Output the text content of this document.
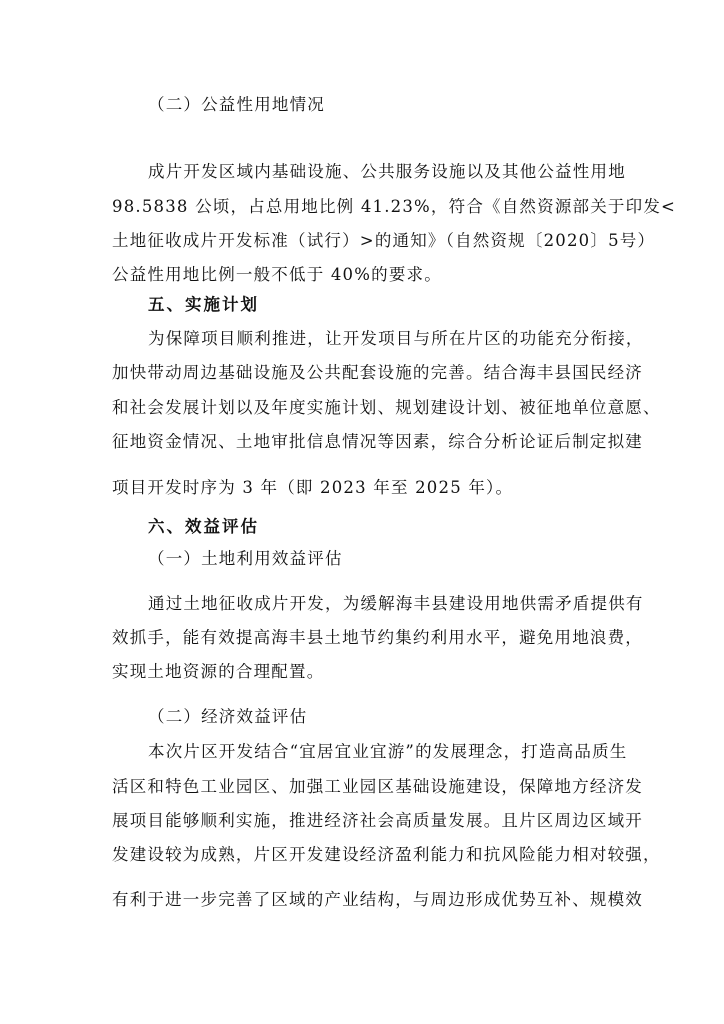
（二）公益性用地情况
成片开发区域内基础设施、公共服务设施以及其他公益性用地
98.5838 公顷，占总用地比例 41.23%，符合《自然资源部关于印发<
土地征收成片开发标准（试行）>的通知》（自然资规〔2020〕5号）
公益性用地比例一般不低于 40%的要求。
五、实施计划
为保障项目顺利推进，让开发项目与所在片区的功能充分衔接，
加快带动周边基础设施及公共配套设施的完善。结合海丰县国民经济
和社会发展计划以及年度实施计划、规划建设计划、被征地单位意愿、
征地资金情况、土地审批信息情况等因素，综合分析论证后制定拟建
项目开发时序为 3 年（即 2023 年至 2025 年）。
六、效益评估
（一）土地利用效益评估
通过土地征收成片开发，为缓解海丰县建设用地供需矛盾提供有
效抓手，能有效提高海丰县土地节约集约利用水平，避免用地浪费，
实现土地资源的合理配置。
（二）经济效益评估
本次片区开发结合“宜居宜业宜游”的发展理念，打造高品质生
活区和特色工业园区、加强工业园区基础设施建设，保障地方经济发
展项目能够顺利实施，推进经济社会高质量发展。且片区周边区域开
发建设较为成熟，片区开发建设经济盈利能力和抗风险能力相对较强，
有利于进一步完善了区域的产业结构，与周边形成优势互补、规模效
